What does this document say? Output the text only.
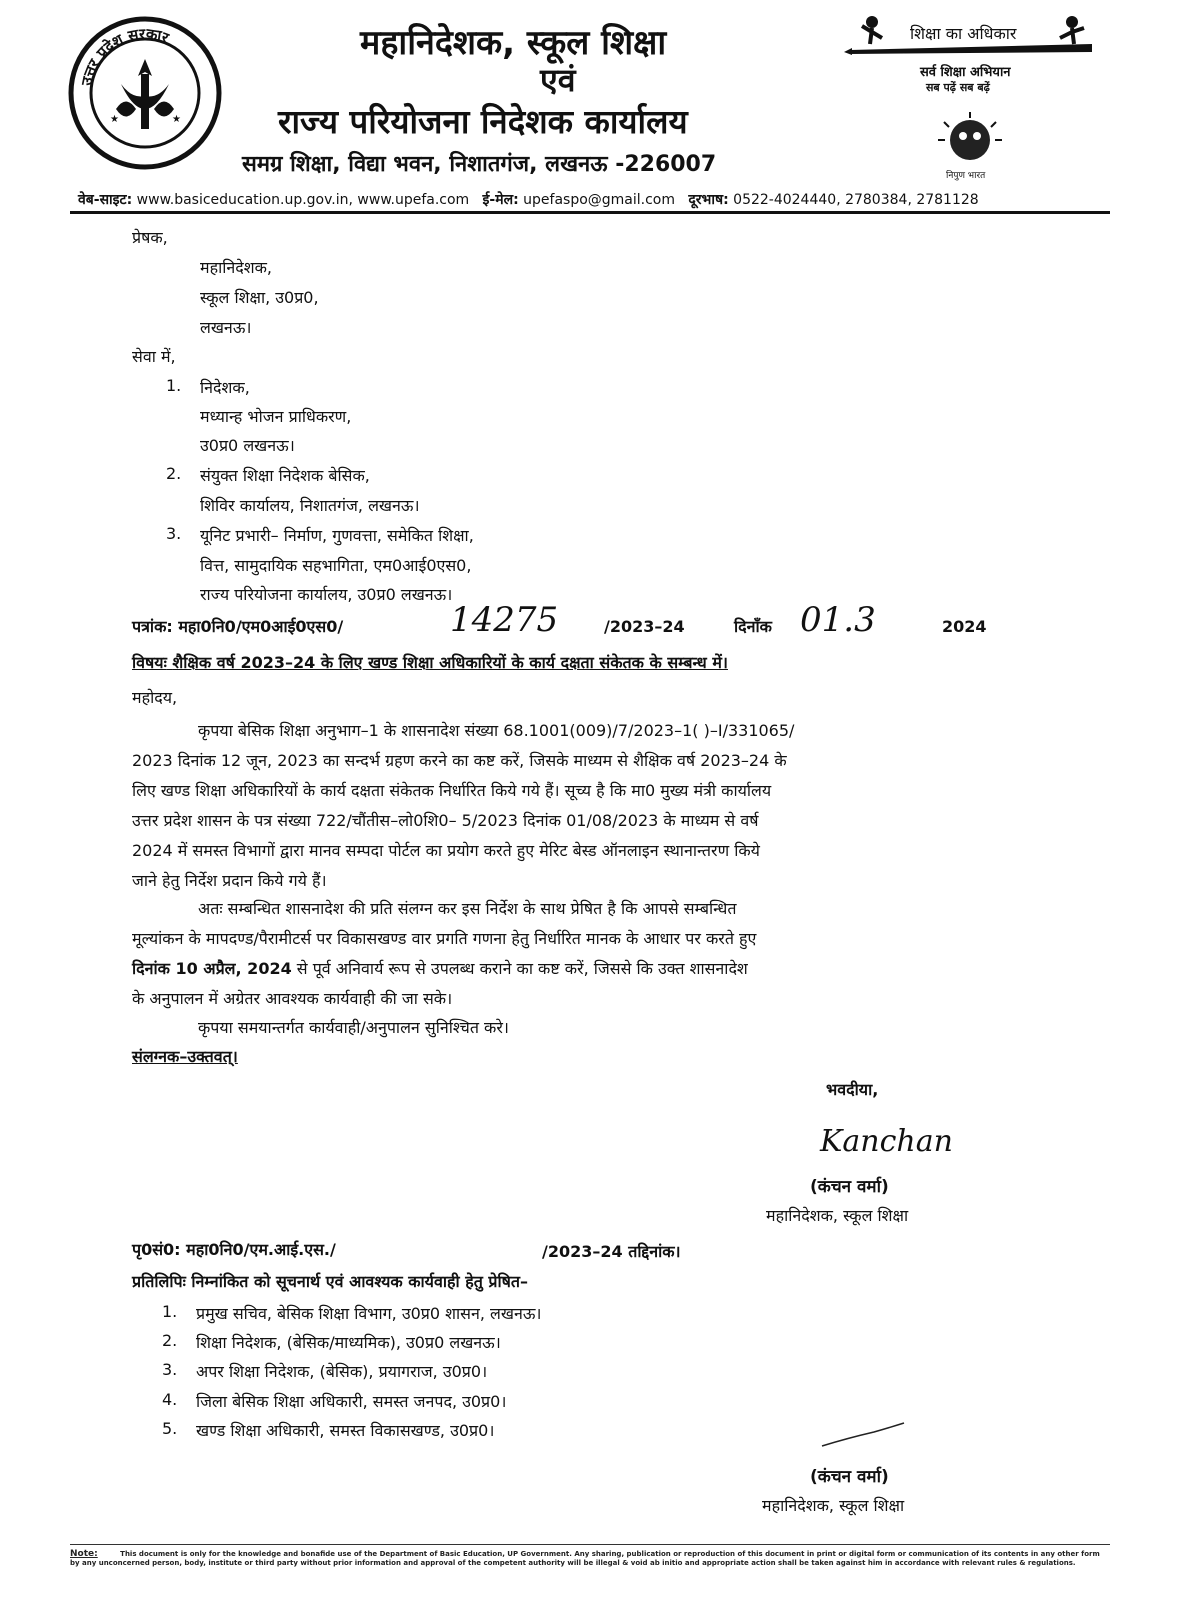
उत्तर प्रदेश सरकार
★	★
महानिदेशक, स्कूल शिक्षा
एवं
राज्य परियोजना निदेशक कार्यालय
समग्र शिक्षा, विद्या भवन, निशातगंज, लखनऊ -226007
शिक्षा का अधिकार
सर्व शिक्षा अभियान
सब पढ़ें सब बढ़ें
निपुण भारत
वेब-साइट: www.basiceducation.up.gov.in, www.upefa.com ई-मेल: upefaspo@gmail.com दूरभाष: 0522-4024440, 2780384, 2781128
प्रेषक,
महानिदेशक,
स्कूल शिक्षा, उ0प्र0,
लखनऊ।
सेवा में,
1. निदेशक,
मध्यान्ह भोजन प्राधिकरण,
उ0प्र0 लखनऊ।
2. संयुक्त शिक्षा निदेशक बेसिक,
शिविर कार्यालय, निशातगंज, लखनऊ।
3. यूनिट प्रभारी– निर्माण, गुणवत्ता, समेकित शिक्षा,
वित्त, सामुदायिक सहभागिता, एम0आई0एस0,
राज्य परियोजना कार्यालय, उ0प्र0 लखनऊ।
पत्रांक: महा0नि0/एम0आई0एस0/	14275	/2023–24	दिनाँक 01.3	2024
विषयः शैक्षिक वर्ष 2023–24 के लिए खण्ड शिक्षा अधिकारियों के कार्य दक्षता संकेतक के सम्बन्ध में।
महोदय,
कृपया बेसिक शिक्षा अनुभाग–1 के शासनादेश संख्या 68.1001(009)/7/2023–1( )–I/331065/
2023 दिनांक 12 जून, 2023 का सन्दर्भ ग्रहण करने का कष्ट करें, जिसके माध्यम से शैक्षिक वर्ष 2023–24 के
लिए खण्ड शिक्षा अधिकारियों के कार्य दक्षता संकेतक निर्धारित किये गये हैं। सूच्य है कि मा0 मुख्य मंत्री कार्यालय
उत्तर प्रदेश शासन के पत्र संख्या 722/चौंतीस–लो0शि0– 5/2023 दिनांक 01/08/2023 के माध्यम से वर्ष
2024 में समस्त विभागों द्वारा मानव सम्पदा पोर्टल का प्रयोग करते हुए मेरिट बेस्ड ऑनलाइन स्थानान्तरण किये
जाने हेतु निर्देश प्रदान किये गये हैं।
अतः सम्बन्धित शासनादेश की प्रति संलग्न कर इस निर्देश के साथ प्रेषित है कि आपसे सम्बन्धित
मूल्यांकन के मापदण्ड/पैरामीटर्स पर विकासखण्ड वार प्रगति गणना हेतु निर्धारित मानक के आधार पर करते हुए
दिनांक 10 अप्रैल, 2024 से पूर्व अनिवार्य रूप से उपलब्ध कराने का कष्ट करें, जिससे कि उक्त शासनादेश
के अनुपालन में अग्रेतर आवश्यक कार्यवाही की जा सके।
कृपया समयान्तर्गत कार्यवाही/अनुपालन सुनिश्चित करे।
संलग्नक–उक्तवत्।
भवदीया,
Kanchan
(कंचन वर्मा)
महानिदेशक, स्कूल शिक्षा
पृ0सं0: महा0नि0/एम.आई.एस./	/2023–24 तद्दिनांक।
प्रतिलिपिः निम्नांकित को सूचनार्थ एवं आवश्यक कार्यवाही हेतु प्रेषित–
1. प्रमुख सचिव, बेसिक शिक्षा विभाग, उ0प्र0 शासन, लखनऊ।
2. शिक्षा निदेशक, (बेसिक/माध्यमिक), उ0प्र0 लखनऊ।
3. अपर शिक्षा निदेशक, (बेसिक), प्रयागराज, उ0प्र0।
4. जिला बेसिक शिक्षा अधिकारी, समस्त जनपद, उ0प्र0।
5. खण्ड शिक्षा अधिकारी, समस्त विकासखण्ड, उ0प्र0।
(कंचन वर्मा)
महानिदेशक, स्कूल शिक्षा
Note:	This document is only for the knowledge and bonafide use of the Department of Basic Education, UP Government. Any sharing, publication or reproduction of this document in print or digital form or communication of its contents in any other form by any unconcerned person, body, institute or third party without prior information and approval of the competent authority will be illegal & void ab initio and appropriate action shall be taken against him in accordance with relevant rules & regulations.
